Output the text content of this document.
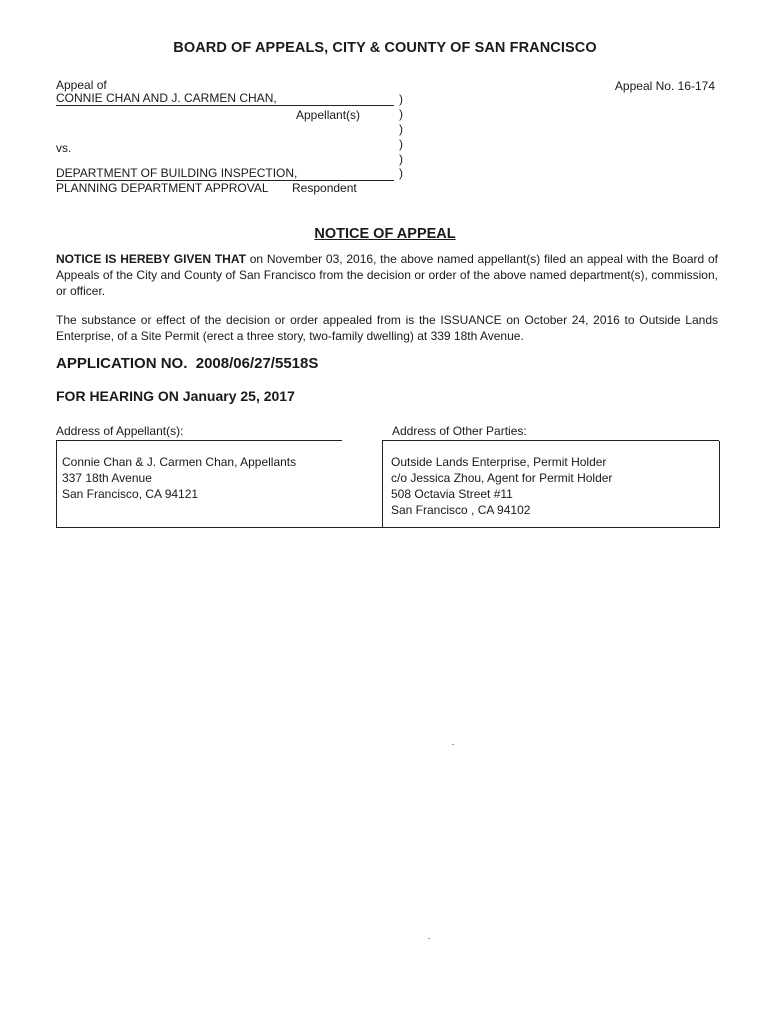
BOARD OF APPEALS, CITY & COUNTY OF SAN FRANCISCO
Appeal No. 16-174
Appeal of
CONNIE CHAN AND J. CARMEN CHAN,
Appellant(s)
vs.
DEPARTMENT OF BUILDING INSPECTION,
PLANNING DEPARTMENT APPROVAL Respondent
)
)
)
)
)
)
NOTICE OF APPEAL
NOTICE IS HEREBY GIVEN THAT on November 03, 2016, the above named appellant(s) filed an appeal with the Board of Appeals of the City and County of San Francisco from the decision or order of the above named department(s), commission, or officer.
The substance or effect of the decision or order appealed from is the ISSUANCE on October 24, 2016 to Outside Lands Enterprise, of a Site Permit (erect a three story, two-family dwelling) at 339 18th Avenue.
APPLICATION NO. 2008/06/27/5518S
FOR HEARING ON January 25, 2017
Address of Appellant(s):	Address of Other Parties:
Connie Chan & J. Carmen Chan, Appellants
337 18th Avenue
San Francisco, CA 94121
Outside Lands Enterprise, Permit Holder
c/o Jessica Zhou, Agent for Permit Holder
508 Octavia Street #11
San Francisco , CA 94102
